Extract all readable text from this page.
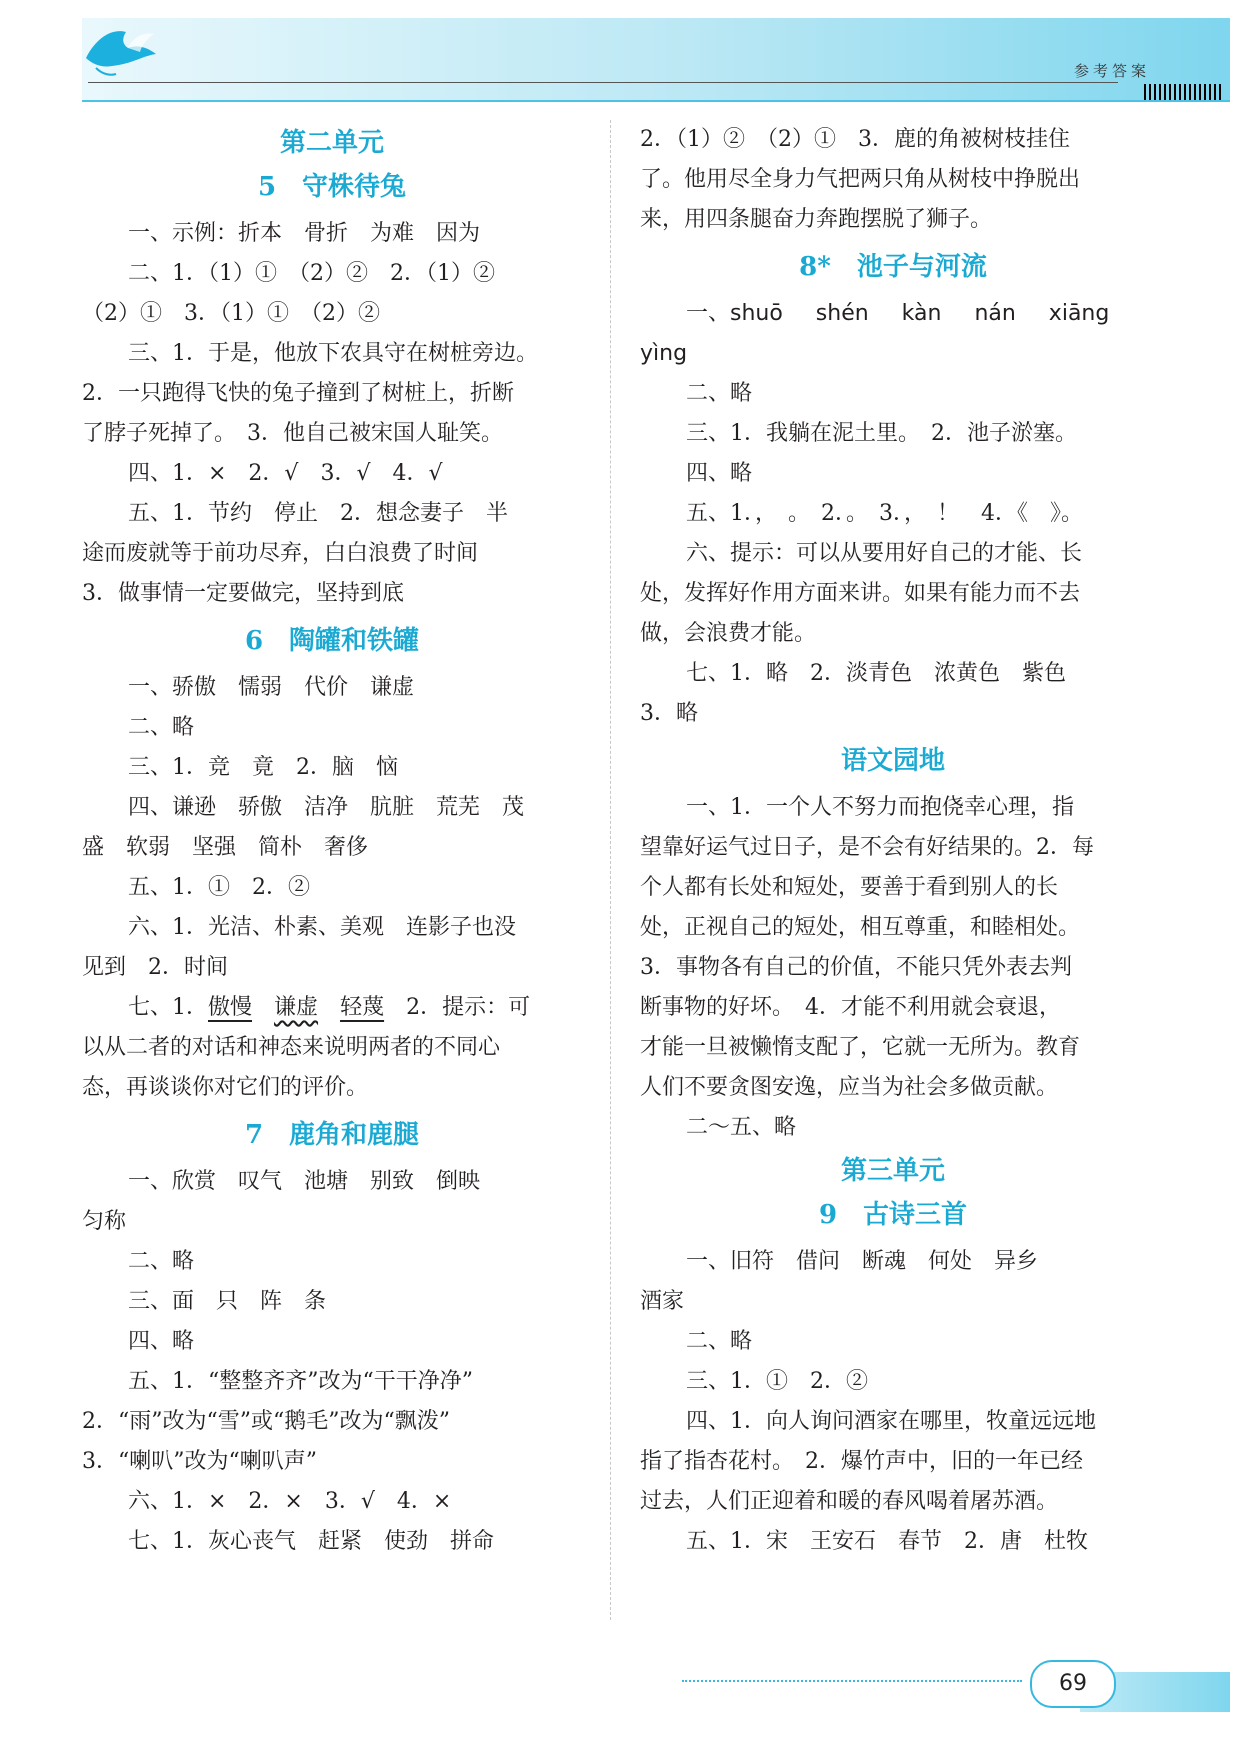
参考答案
第二单元
5　守株待兔
一、示例：折本　骨折　为难　因为
二、1．（1）①　（2）②　2．（1）②
（2）①　3．（1）①　（2）②
三、1．于是，他放下农具守在树桩旁边。
2．一只跑得飞快的兔子撞到了树桩上，折断
了脖子死掉了。　3．他自己被宋国人耻笑。
四、1．×　2．√　3．√　4．√
五、1．节约　停止　2．想念妻子　半
途而废就等于前功尽弃，白白浪费了时间
3．做事情一定要做完，坚持到底
6　陶罐和铁罐
一、骄傲　懦弱　代价　谦虚
二、略
三、1．竞　竟　2．脑　恼
四、谦逊　骄傲　洁净　肮脏　荒芜　茂
盛　软弱　坚强　简朴　奢侈
五、1．①　2．②
六、1．光洁、朴素、美观　连影子也没
见到　2．时间
七、1．傲慢　 谦虚　 轻蔑　 2．提示：可
以从二者的对话和神态来说明两者的不同心
态，再谈谈你对它们的评价。
7　鹿角和鹿腿
一、欣赏　叹气　池塘　别致　倒映
匀称
二、略
三、面　只　阵　条
四、略
五、1．“整整齐齐”改为“干干净净”
2．“雨”改为“雪”或“鹅毛”改为“飘泼”
3．“喇叭”改为“喇叭声”
六、1．×　2．×　3．√　4．×
七、1．灰心丧气　赶紧　使劲　拼命
2．（1）②　（2）①　3．鹿的角被树枝挂住
了。他用尽全身力气把两只角从树枝中挣脱出
来，用四条腿奋力奔跑摆脱了狮子。
8*　池子与河流
一、shuō shén kàn nán xiāng
yìng
二、略
三、1．我躺在泥土里。　2．池子淤塞。
四、略
五、1．，　。　2．。　3．，　！　4．《　》。
六、提示：可以从要用好自己的才能、长
处，发挥好作用方面来讲。如果有能力而不去
做，会浪费才能。
七、1．略　2．淡青色　浓黄色　紫色
3．略
语文园地
一、1．一个人不努力而抱侥幸心理，指
望靠好运气过日子，是不会有好结果的。2．每
个人都有长处和短处，要善于看到别人的长
处，正视自己的短处，相互尊重，和睦相处。
3．事物各有自己的价值，不能只凭外表去判
断事物的好坏。　4．才能不利用就会衰退，
才能一旦被懒惰支配了，它就一无所为。教育
人们不要贪图安逸，应当为社会多做贡献。
二～五、略
第三单元
9　古诗三首
一、旧符　借问　断魂　何处　异乡
酒家
二、略
三、1．①　2．②
四、1．向人询问酒家在哪里，牧童远远地
指了指杏花村。　2．爆竹声中，旧的一年已经
过去，人们正迎着和暖的春风喝着屠苏酒。
五、1．宋　王安石　春节　2．唐　杜牧
69
